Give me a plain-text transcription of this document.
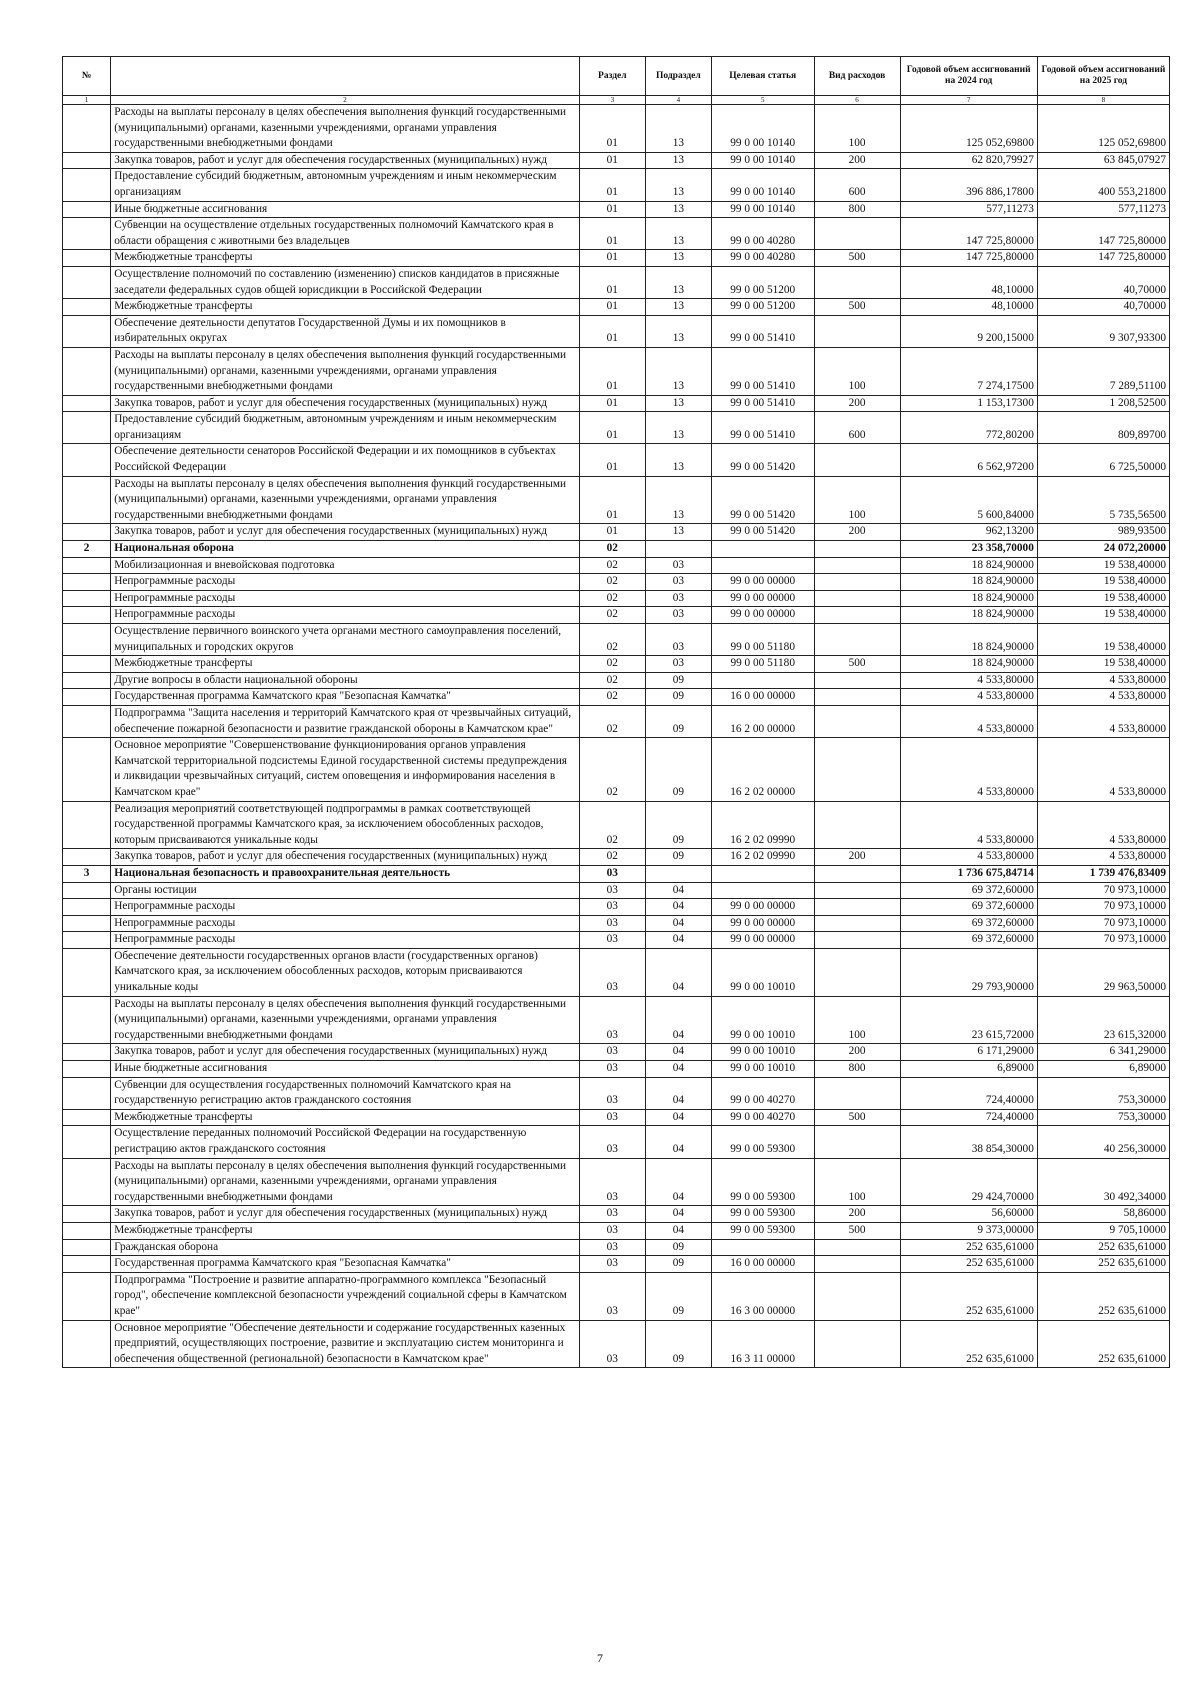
№		Раздел	Подраздел	Целевая статья	Вид расходов	Годовой объем ассигнований на 2024 год	Годовой объем ассигнований на 2025 год
1	2	3	4	5	6	7	8
	Расходы на выплаты персоналу в целях обеспечения выполнения функций государственными (муниципальными) органами, казенными учреждениями, органами управления государственными внебюджетными фондами	01	13	99 0 00 10140	100	125 052,69800	125 052,69800
	Закупка товаров, работ и услуг для обеспечения государственных (муниципальных) нужд	01	13	99 0 00 10140	200	62 820,79927	63 845,07927
	Предоставление субсидий бюджетным, автономным учреждениям и иным некоммерческим организациям	01	13	99 0 00 10140	600	396 886,17800	400 553,21800
	Иные бюджетные ассигнования	01	13	99 0 00 10140	800	577,11273	577,11273
	Субвенции на осуществление отдельных государственных полномочий Камчатского края в области обращения с животными без владельцев	01	13	99 0 00 40280		147 725,80000	147 725,80000
	Межбюджетные трансферты	01	13	99 0 00 40280	500	147 725,80000	147 725,80000
	Осуществление полномочий по составлению (изменению) списков кандидатов в присяжные заседатели федеральных судов общей юрисдикции в Российской Федерации	01	13	99 0 00 51200		48,10000	40,70000
	Межбюджетные трансферты	01	13	99 0 00 51200	500	48,10000	40,70000
	Обеспечение деятельности депутатов Государственной Думы и их помощников в избирательных округах	01	13	99 0 00 51410		9 200,15000	9 307,93300
	Расходы на выплаты персоналу в целях обеспечения выполнения функций государственными (муниципальными) органами, казенными учреждениями, органами управления государственными внебюджетными фондами	01	13	99 0 00 51410	100	7 274,17500	7 289,51100
	Закупка товаров, работ и услуг для обеспечения государственных (муниципальных) нужд	01	13	99 0 00 51410	200	1 153,17300	1 208,52500
	Предоставление субсидий бюджетным, автономным учреждениям и иным некоммерческим организациям	01	13	99 0 00 51410	600	772,80200	809,89700
	Обеспечение деятельности сенаторов Российской Федерации и их помощников в субъектах Российской Федерации	01	13	99 0 00 51420		6 562,97200	6 725,50000
	Расходы на выплаты персоналу в целях обеспечения выполнения функций государственными (муниципальными) органами, казенными учреждениями, органами управления государственными внебюджетными фондами	01	13	99 0 00 51420	100	5 600,84000	5 735,56500
	Закупка товаров, работ и услуг для обеспечения государственных (муниципальных) нужд	01	13	99 0 00 51420	200	962,13200	989,93500
2	Национальная оборона	02				23 358,70000	24 072,20000
	Мобилизационная и вневойсковая подготовка	02	03			18 824,90000	19 538,40000
	Непрограммные расходы	02	03	99 0 00 00000		18 824,90000	19 538,40000
	Непрограммные расходы	02	03	99 0 00 00000		18 824,90000	19 538,40000
	Непрограммные расходы	02	03	99 0 00 00000		18 824,90000	19 538,40000
	Осуществление первичного воинского учета органами местного самоуправления поселений, муниципальных и городских округов	02	03	99 0 00 51180		18 824,90000	19 538,40000
	Межбюджетные трансферты	02	03	99 0 00 51180	500	18 824,90000	19 538,40000
	Другие вопросы в области национальной обороны	02	09			4 533,80000	4 533,80000
	Государственная программа Камчатского края "Безопасная Камчатка"	02	09	16 0 00 00000		4 533,80000	4 533,80000
	Подпрограмма "Защита населения и территорий Камчатского края от чрезвычайных ситуаций, обеспечение пожарной безопасности и развитие гражданской обороны в Камчатском крае"	02	09	16 2 00 00000		4 533,80000	4 533,80000
	Основное мероприятие "Совершенствование функционирования органов управления Камчатской территориальной подсистемы Единой государственной системы предупреждения и ликвидации чрезвычайных ситуаций, систем оповещения и информирования населения в Камчатском крае"	02	09	16 2 02 00000		4 533,80000	4 533,80000
	Реализация мероприятий соответствующей подпрограммы в рамках соответствующей государственной программы Камчатского края, за исключением обособленных расходов, которым присваиваются уникальные коды	02	09	16 2 02 09990		4 533,80000	4 533,80000
	Закупка товаров, работ и услуг для обеспечения государственных (муниципальных) нужд	02	09	16 2 02 09990	200	4 533,80000	4 533,80000
3	Национальная безопасность и правоохранительная деятельность	03				1 736 675,84714	1 739 476,83409
	Органы юстиции	03	04			69 372,60000	70 973,10000
	Непрограммные расходы	03	04	99 0 00 00000		69 372,60000	70 973,10000
	Непрограммные расходы	03	04	99 0 00 00000		69 372,60000	70 973,10000
	Непрограммные расходы	03	04	99 0 00 00000		69 372,60000	70 973,10000
	Обеспечение деятельности государственных органов власти (государственных органов) Камчатского края, за исключением обособленных расходов, которым присваиваются уникальные коды	03	04	99 0 00 10010		29 793,90000	29 963,50000
	Расходы на выплаты персоналу в целях обеспечения выполнения функций государственными (муниципальными) органами, казенными учреждениями, органами управления государственными внебюджетными фондами	03	04	99 0 00 10010	100	23 615,72000	23 615,32000
	Закупка товаров, работ и услуг для обеспечения государственных (муниципальных) нужд	03	04	99 0 00 10010	200	6 171,29000	6 341,29000
	Иные бюджетные ассигнования	03	04	99 0 00 10010	800	6,89000	6,89000
	Субвенции для осуществления государственных полномочий Камчатского края на государственную регистрацию актов гражданского состояния	03	04	99 0 00 40270		724,40000	753,30000
	Межбюджетные трансферты	03	04	99 0 00 40270	500	724,40000	753,30000
	Осуществление переданных полномочий Российской Федерации на государственную регистрацию актов гражданского состояния	03	04	99 0 00 59300		38 854,30000	40 256,30000
	Расходы на выплаты персоналу в целях обеспечения выполнения функций государственными (муниципальными) органами, казенными учреждениями, органами управления государственными внебюджетными фондами	03	04	99 0 00 59300	100	29 424,70000	30 492,34000
	Закупка товаров, работ и услуг для обеспечения государственных (муниципальных) нужд	03	04	99 0 00 59300	200	56,60000	58,86000
	Межбюджетные трансферты	03	04	99 0 00 59300	500	9 373,00000	9 705,10000
	Гражданская оборона	03	09			252 635,61000	252 635,61000
	Государственная программа Камчатского края "Безопасная Камчатка"	03	09	16 0 00 00000		252 635,61000	252 635,61000
	Подпрограмма "Построение и развитие аппаратно-программного комплекса "Безопасный город", обеспечение комплексной безопасности учреждений социальной сферы в Камчатском крае"	03	09	16 3 00 00000		252 635,61000	252 635,61000
	Основное мероприятие "Обеспечение деятельности и содержание государственных казенных предприятий, осуществляющих построение, развитие и эксплуатацию систем мониторинга и обеспечения общественной (региональной) безопасности в Камчатском крае"	03	09	16 3 11 00000		252 635,61000	252 635,61000
7
